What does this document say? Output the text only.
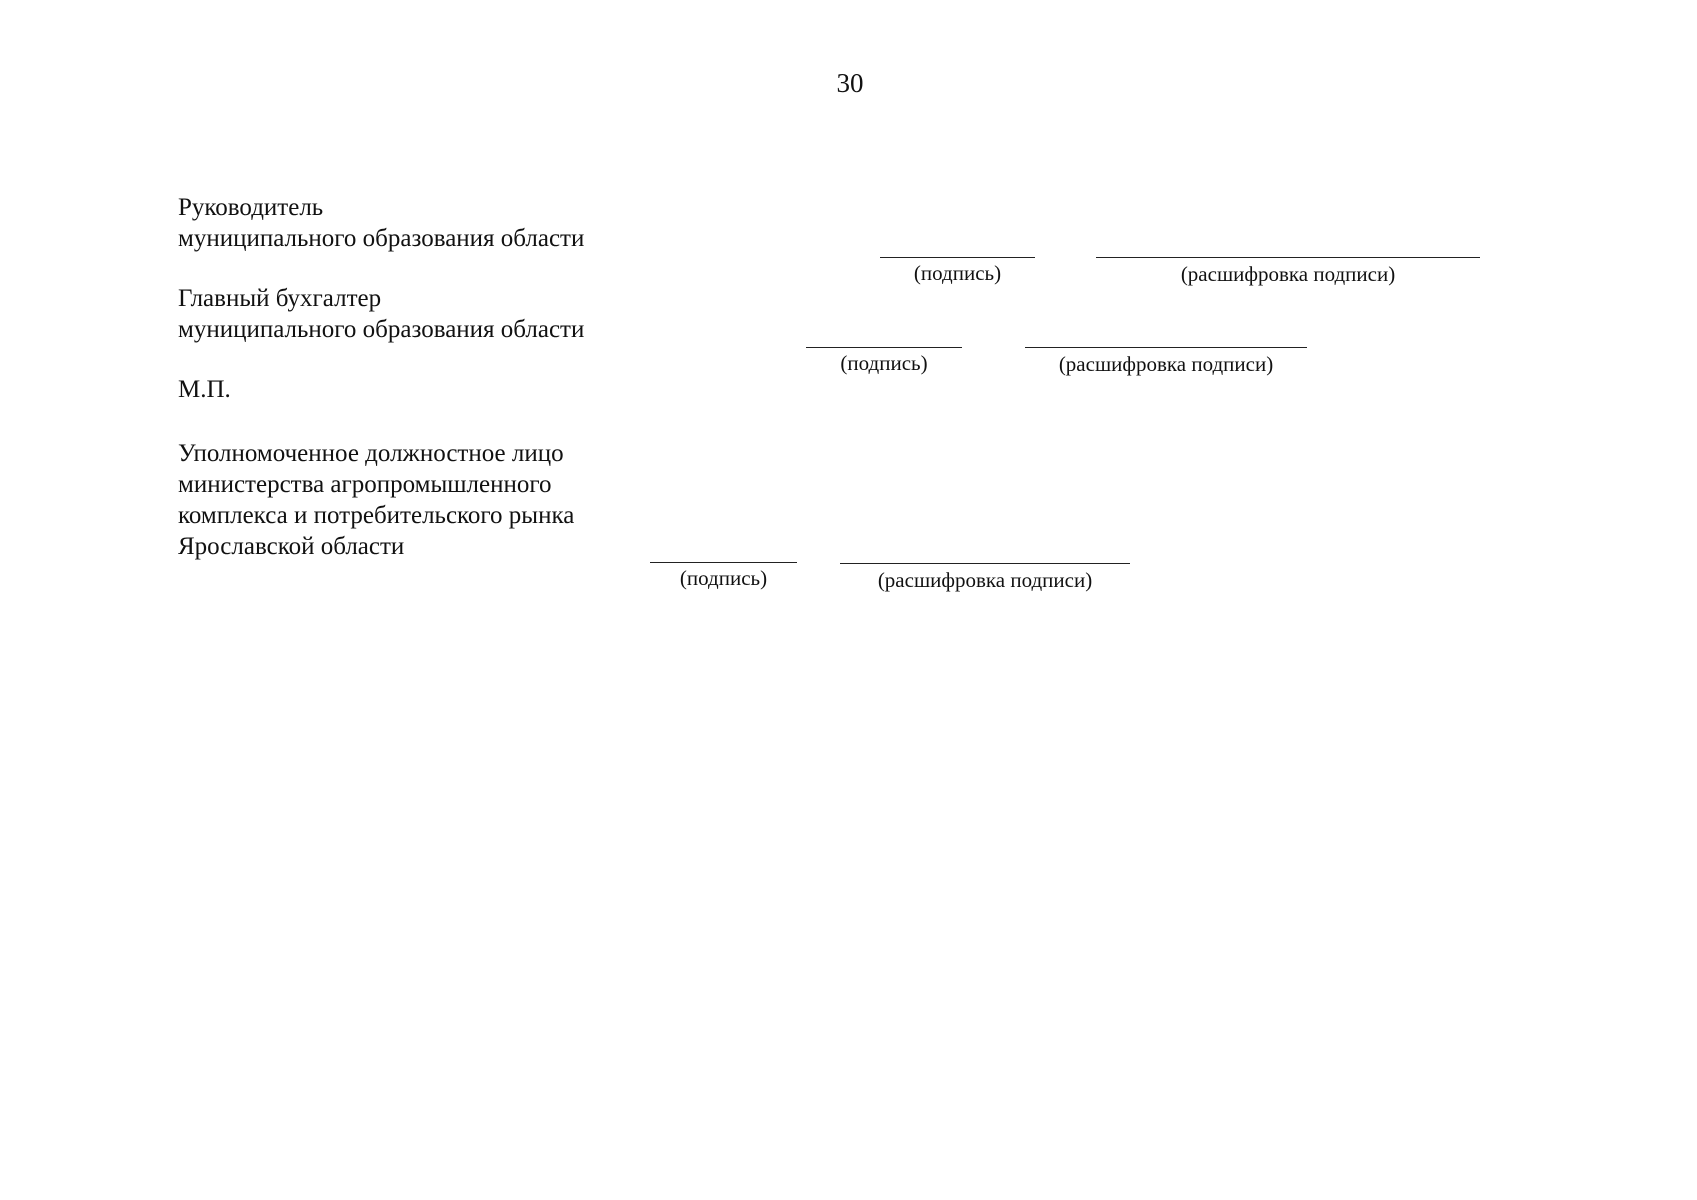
30
Руководитель
муниципального образования области
(подпись)	(расшифровка подписи)
Главный бухгалтер
муниципального образования области
(подпись)	(расшифровка подписи)
М.П.
Уполномоченное должностное лицо
министерства агропромышленного
комплекса и потребительского рынка
Ярославской области
(подпись)	(расшифровка подписи)
